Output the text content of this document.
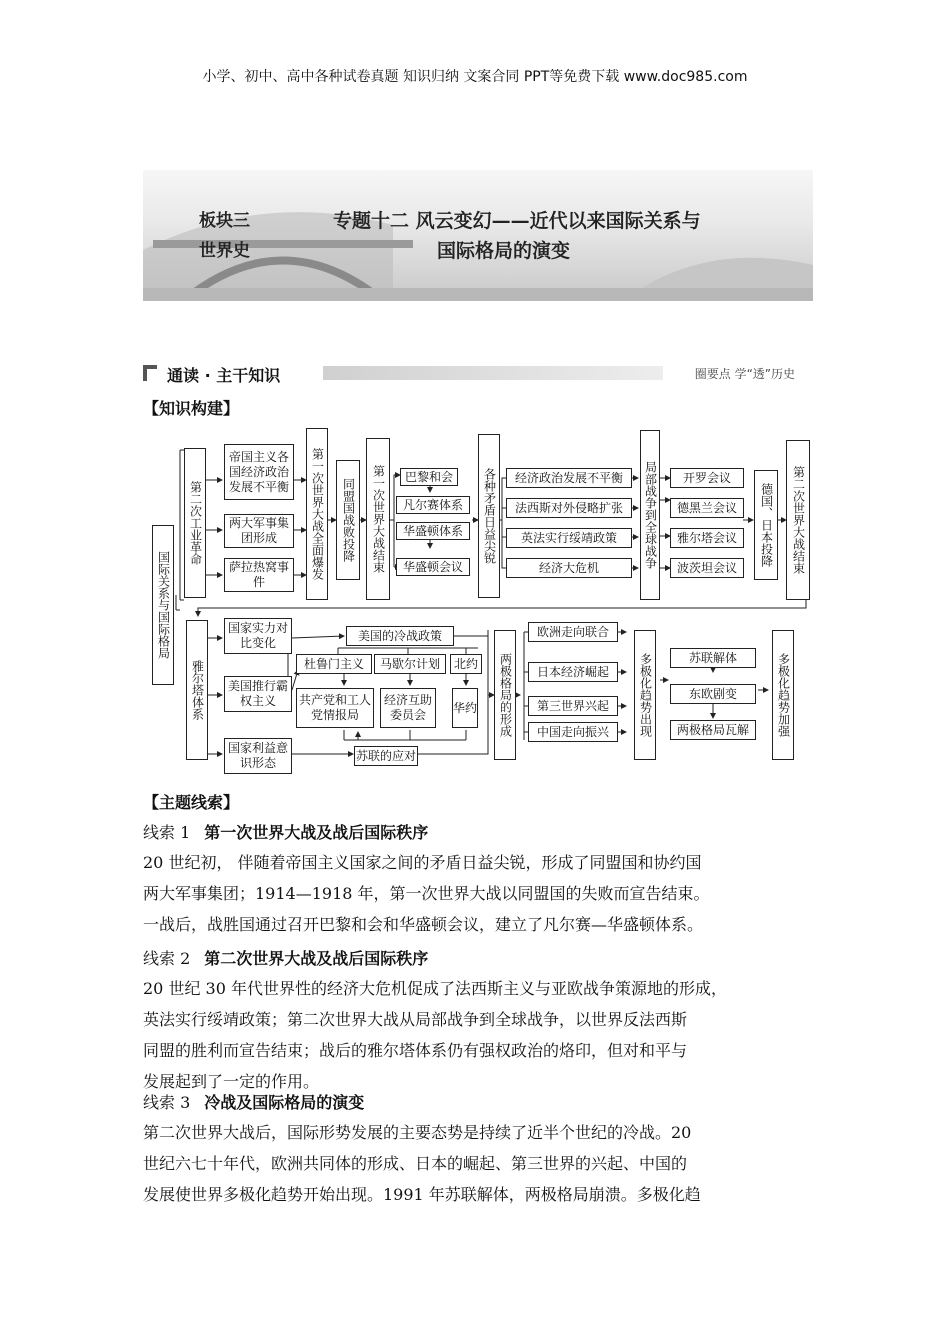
小学、初中、高中各种试卷真题 知识归纳 文案合同 PPT等免费下载 www.doc985.com
板块三
世界史
专题十二 风云变幻——近代以来国际关系与
国际格局的演变
通读 · 主干知识	圈要点 学“透”历史
【知识构建】
国际关系与国际格局
第二次工业革命
帝国主义各国经济政治发展不平衡
两大军事集团形成
萨拉热窝事件
第一次世界大战全面爆发	同盟国战败投降	第一次世界大战结束	巴黎和会
凡尔赛体系
华盛顿体系
华盛顿会议
各种矛盾日益尖锐	经济政治发展不平衡
法西斯对外侵略扩张
英法实行绥靖政策
经济大危机	局部战争到全球战争	开罗会议
德黑兰会议
雅尔塔会议
波茨坦会议
德国、日本投降	第二次世界大战结束
雅尔塔体系
国家实力对比变化
美国推行霸权主义
国家利益意识形态
美国的冷战政策
杜鲁门主义	马歇尔计划	北约
共产党和工人党情报局
经济互助委员会
华约
苏联的应对
两极格局的形成
欧洲走向联合
日本经济崛起
第三世界兴起
中国走向振兴	多极化趋势出现	苏联解体
东欧剧变
两极格局瓦解	多极化趋势加强
【主题线索】
线索 1 第一次世界大战及战后国际秩序
20 世纪初， 伴随着帝国主义国家之间的矛盾日益尖锐，形成了同盟国和协约国
两大军事集团；1914—1918 年，第一次世界大战以同盟国的失败而宣告结束。
一战后，战胜国通过召开巴黎和会和华盛顿会议，建立了凡尔赛—华盛顿体系。
线索 2 第二次世界大战及战后国际秩序
20 世纪 30 年代世界性的经济大危机促成了法西斯主义与亚欧战争策源地的形成，
英法实行绥靖政策；第二次世界大战从局部战争到全球战争，以世界反法西斯
同盟的胜利而宣告结束；战后的雅尔塔体系仍有强权政治的烙印，但对和平与
发展起到了一定的作用。
线索 3 冷战及国际格局的演变
第二次世界大战后，国际形势发展的主要态势是持续了近半个世纪的冷战。20
世纪六七十年代，欧洲共同体的形成、日本的崛起、第三世界的兴起、中国的
发展使世界多极化趋势开始出现。1991 年苏联解体，两极格局崩溃。多极化趋
